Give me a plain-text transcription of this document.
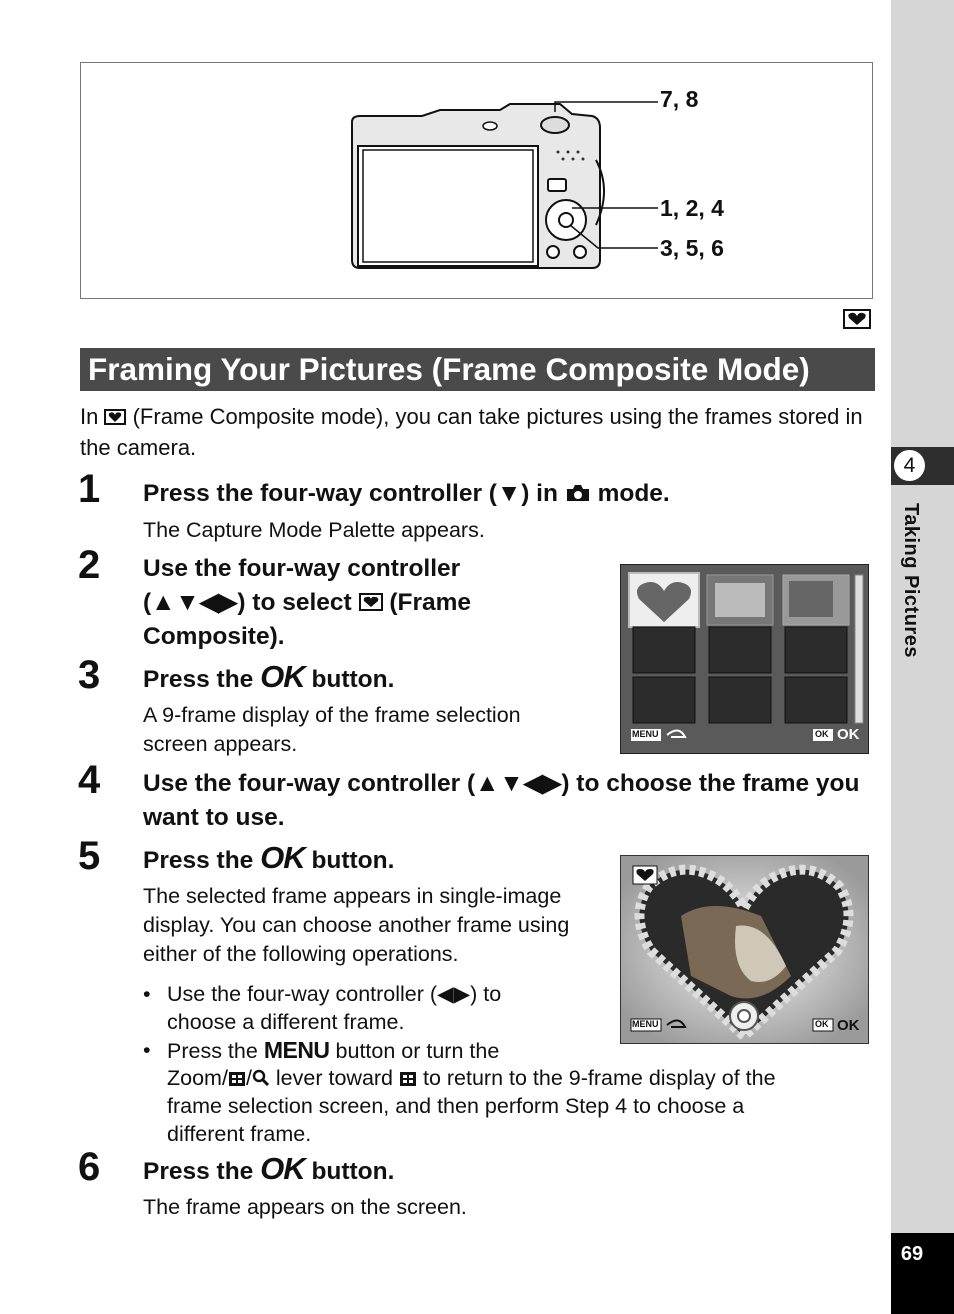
4
Taking Pictures
69
7, 8
1, 2, 4
3, 5, 6
Framing Your Pictures (Frame Composite Mode)
In (Frame Composite mode), you can take pictures using the frames stored in the camera.
1 Press the four-way controller (▼) in mode.
The Capture Mode Palette appears.
2 Use the four-way controller
(▲▼◀▶) to select (Frame
Composite).
MENU	OK OK
3 Press the OK button.
A 9-frame display of the frame selection screen appears.
4 Use the four-way controller (▲▼◀▶) to choose the frame you want to use.
5 Press the OK button.
The selected frame appears in single-image display. You can choose another frame using either of the following operations.
MENU	OK OK
• Use the four-way controller (◀▶) to choose a different frame.
• Press the MENU button or turn the
Zoom/ / lever toward to return to the 9-frame display of the
frame selection screen, and then perform Step 4 to choose a
different frame.
6 Press the OK button.
The frame appears on the screen.
